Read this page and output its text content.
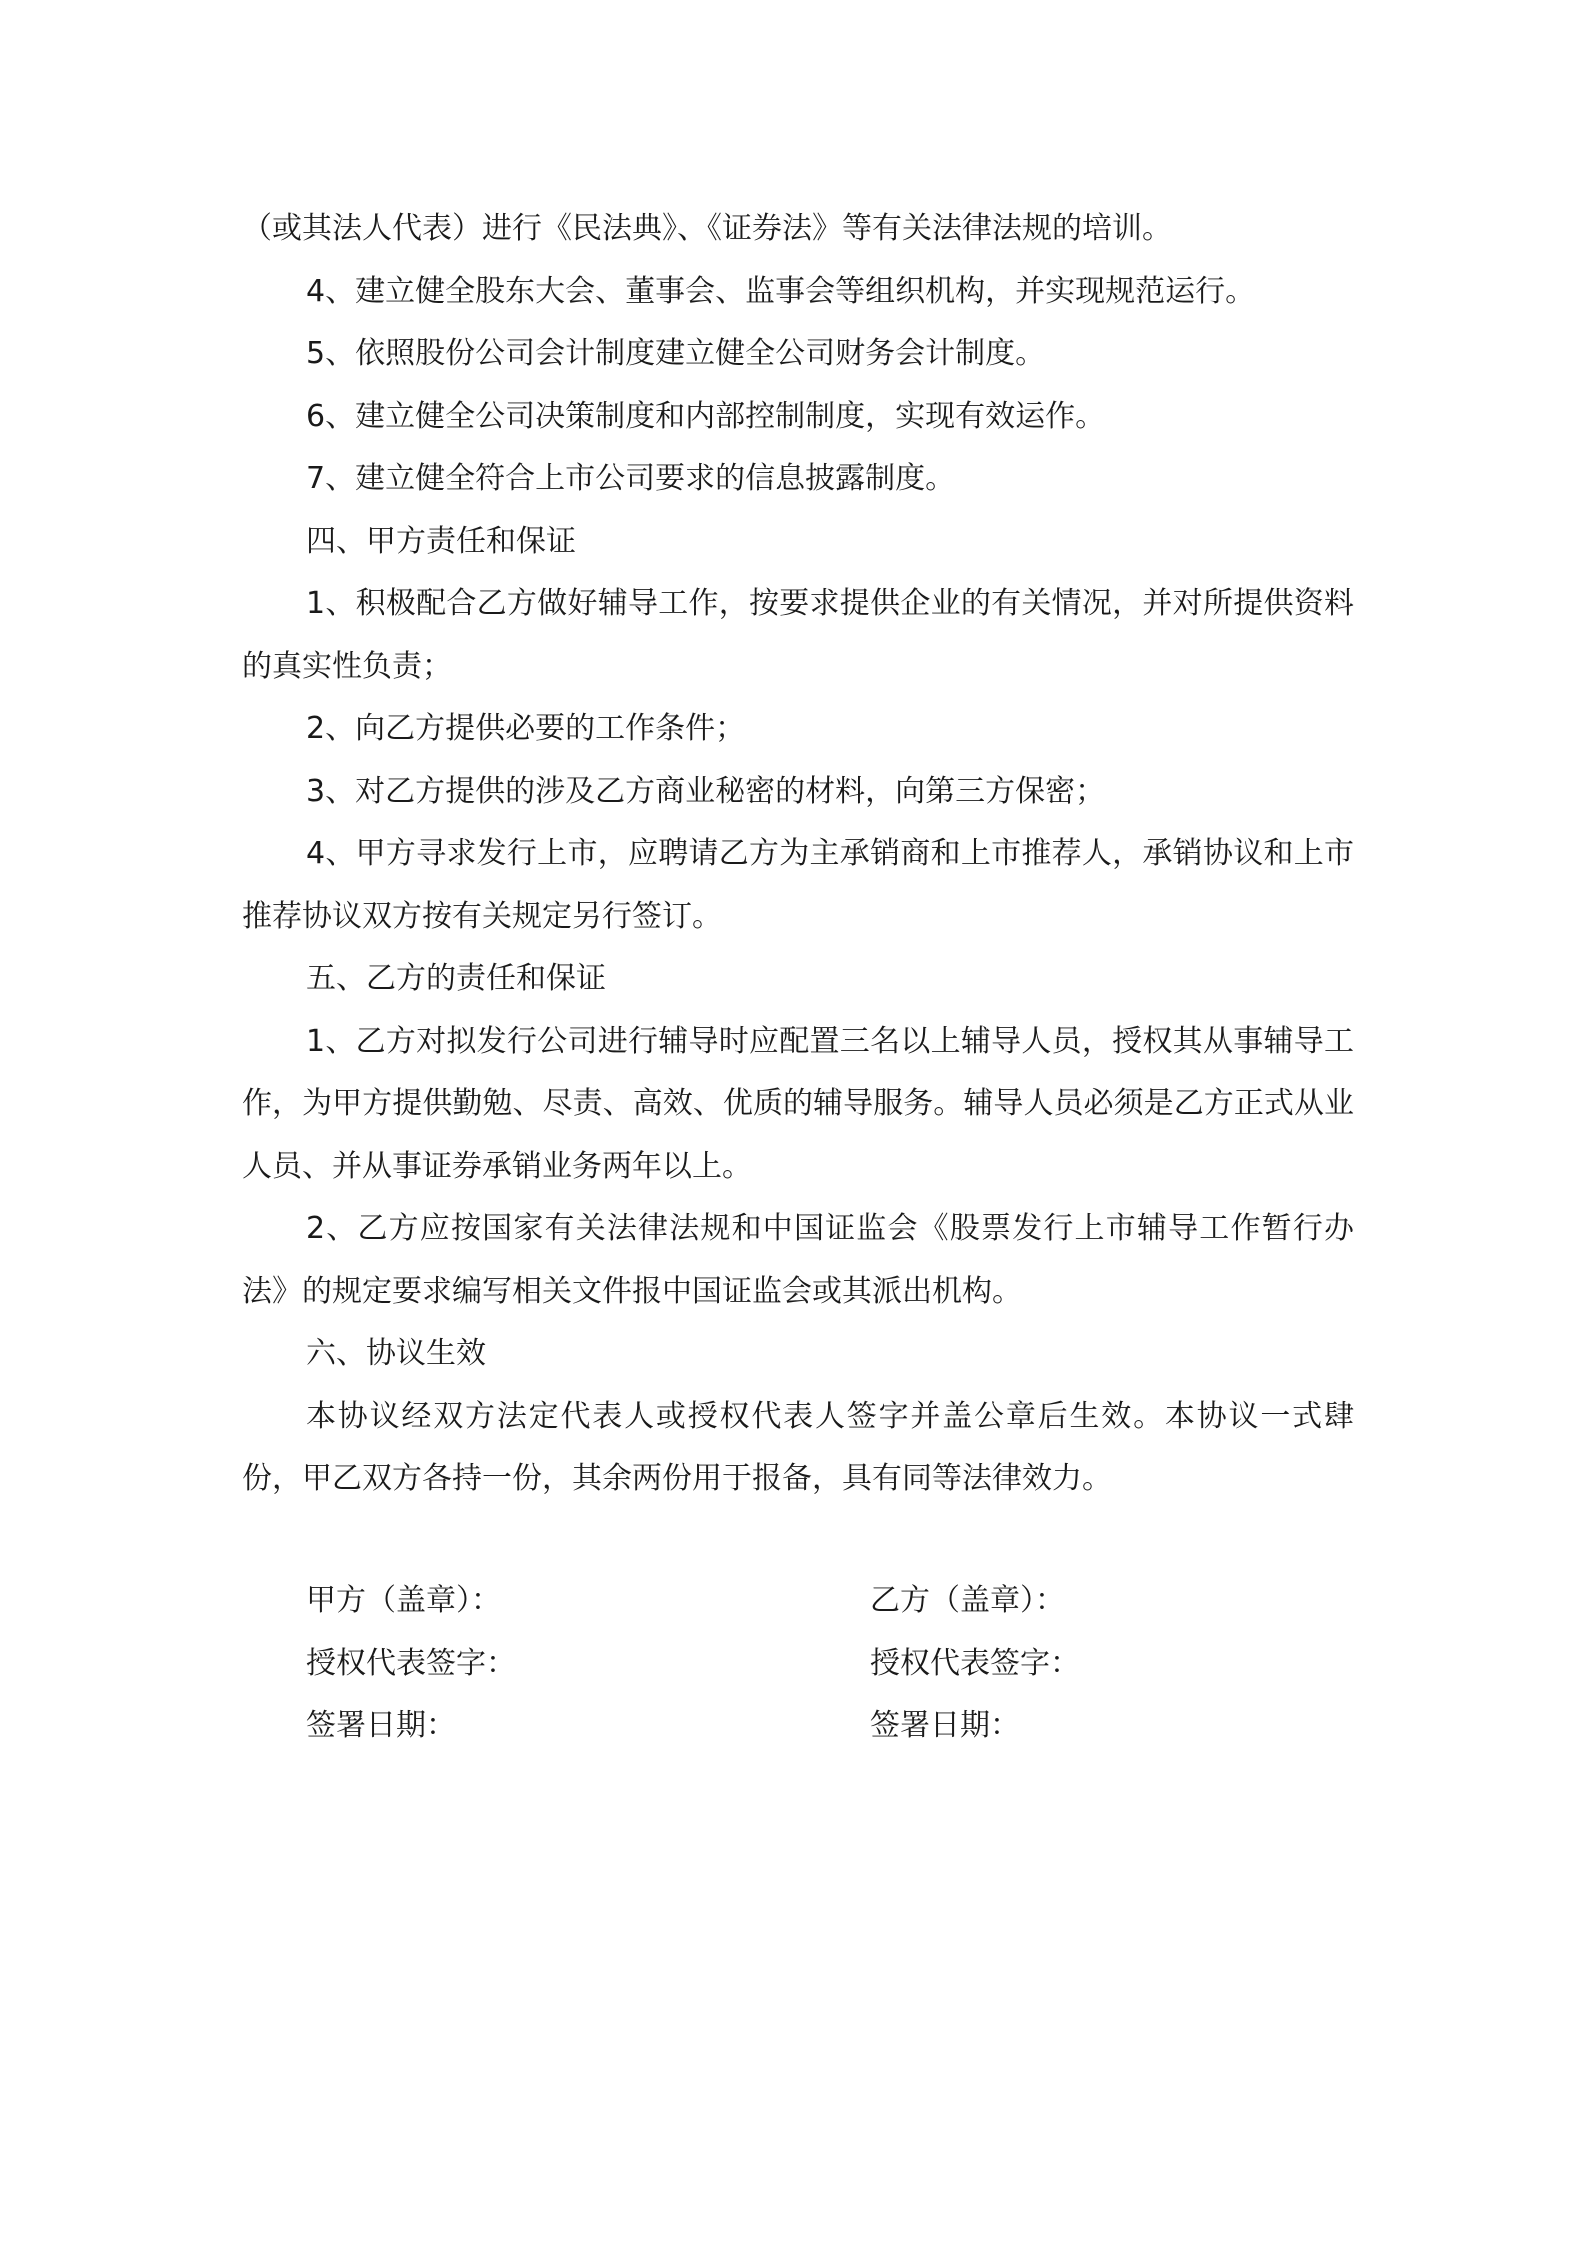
（或其法人代表）进行《民法典》、《证券法》等有关法律法规的培训。

4、建立健全股东大会、董事会、监事会等组织机构，并实现规范运行。

5、依照股份公司会计制度建立健全公司财务会计制度。

6、建立健全公司决策制度和内部控制制度，实现有效运作。

7、建立健全符合上市公司要求的信息披露制度。

四、甲方责任和保证

1、积极配合乙方做好辅导工作，按要求提供企业的有关情况，并对所提供资料的真实性负责；

2、向乙方提供必要的工作条件；

3、对乙方提供的涉及乙方商业秘密的材料，向第三方保密；

4、甲方寻求发行上市，应聘请乙方为主承销商和上市推荐人，承销协议和上市推荐协议双方按有关规定另行签订。

五、乙方的责任和保证

1、乙方对拟发行公司进行辅导时应配置三名以上辅导人员，授权其从事辅导工作，为甲方提供勤勉、尽责、高效、优质的辅导服务。辅导人员必须是乙方正式从业人员、并从事证券承销业务两年以上。

2、乙方应按国家有关法律法规和中国证监会《股票发行上市辅导工作暂行办法》的规定要求编写相关文件报中国证监会或其派出机构。

六、协议生效

本协议经双方法定代表人或授权代表人签字并盖公章后生效。本协议一式肆份，甲乙双方各持一份，其余两份用于报备，具有同等法律效力。

甲方（盖章）：
授权代表签字：
签署日期：
乙方（盖章）：
授权代表签字：
签署日期：
